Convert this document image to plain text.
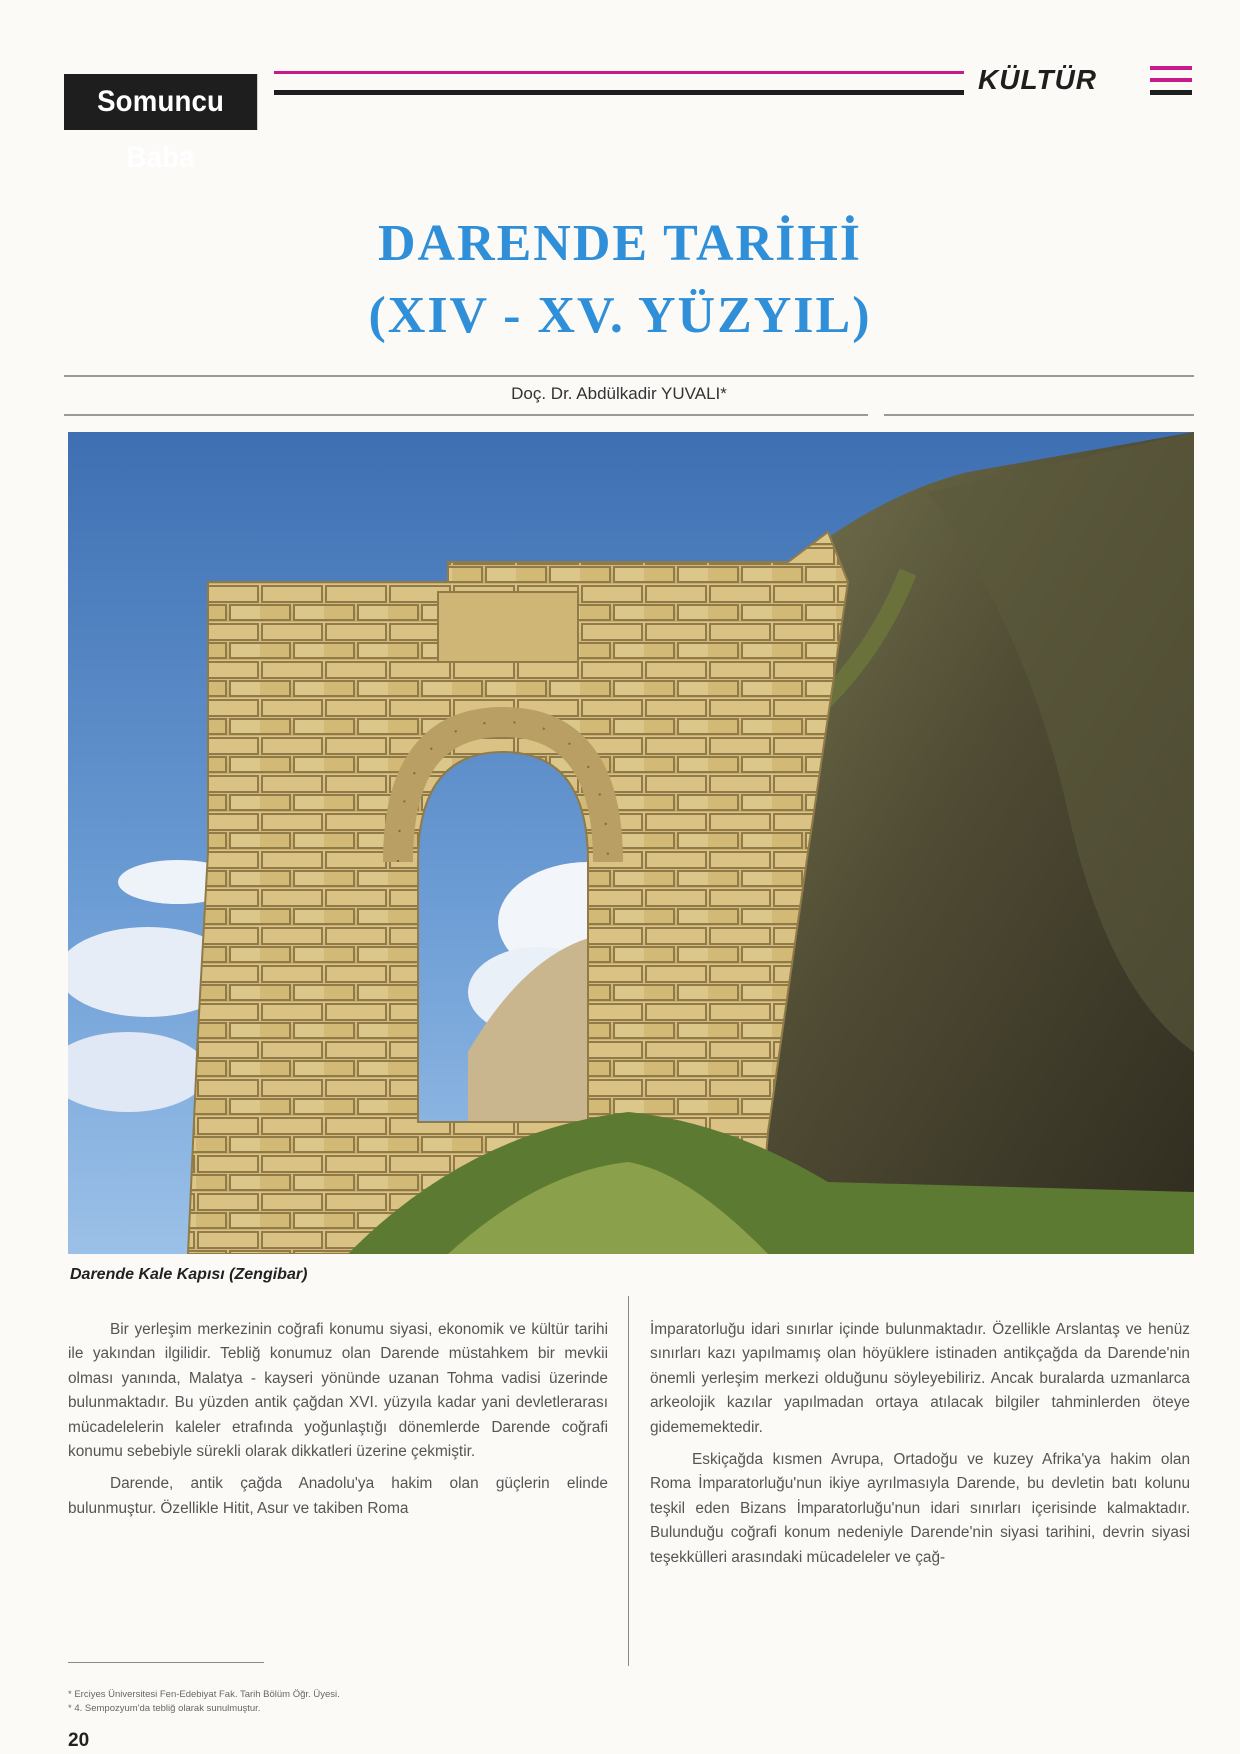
Somuncu Baba
KÜLTÜR
DARENDE TARİHİ
(XIV - XV. YÜZYIL)
Doç. Dr. Abdülkadir YUVALI*
Darende Kale Kapısı (Zengibar)

Bir yerleşim merkezinin coğrafi konumu siyasi, ekonomik ve kültür tarihi ile yakından ilgilidir. Tebliğ konumuz olan Darende müstahkem bir mevkii olması yanında, Malatya - kayseri yönünde uzanan Tohma vadisi üzerinde bulunmaktadır. Bu yüzden antik çağdan XVI. yüzyıla kadar yani devletlerarası mücadelelerin kaleler etrafında yoğunlaştığı dönemlerde Darende coğrafi konumu sebebiyle sürekli olarak dikkatleri üzerine çekmiştir.

Darende, antik çağda Anadolu'ya hakim olan güçlerin elinde bulunmuştur. Özellikle Hitit, Asur ve takiben Roma

İmparatorluğu idari sınırlar içinde bulunmaktadır. Özellikle Arslantaş ve henüz sınırları kazı yapılmamış olan höyüklere istinaden antikçağda da Darende'nin önemli yerleşim merkezi olduğunu söyleyebiliriz. Ancak buralarda uzmanlarca arkeolojik kazılar yapılmadan ortaya atılacak bilgiler tahminlerden öteye gidememektedir.

Eskiçağda kısmen Avrupa, Ortadoğu ve kuzey Afrika'ya hakim olan Roma İmparatorluğu'nun ikiye ayrılmasıyla Darende, bu devletin batı kolunu teşkil eden Bizans İmparatorluğu'nun idari sınırları içerisinde kalmaktadır. Bulunduğu coğrafi konum nedeniyle Darende'nin siyasi tarihini, devrin siyasi teşekkülleri arasındaki mücadeleler ve çağ-

* Erciyes Üniversitesi Fen-Edebiyat Fak. Tarih Bölüm Öğr. Üyesi.
* 4. Sempozyum'da tebliğ olarak sunulmuştur.
20
